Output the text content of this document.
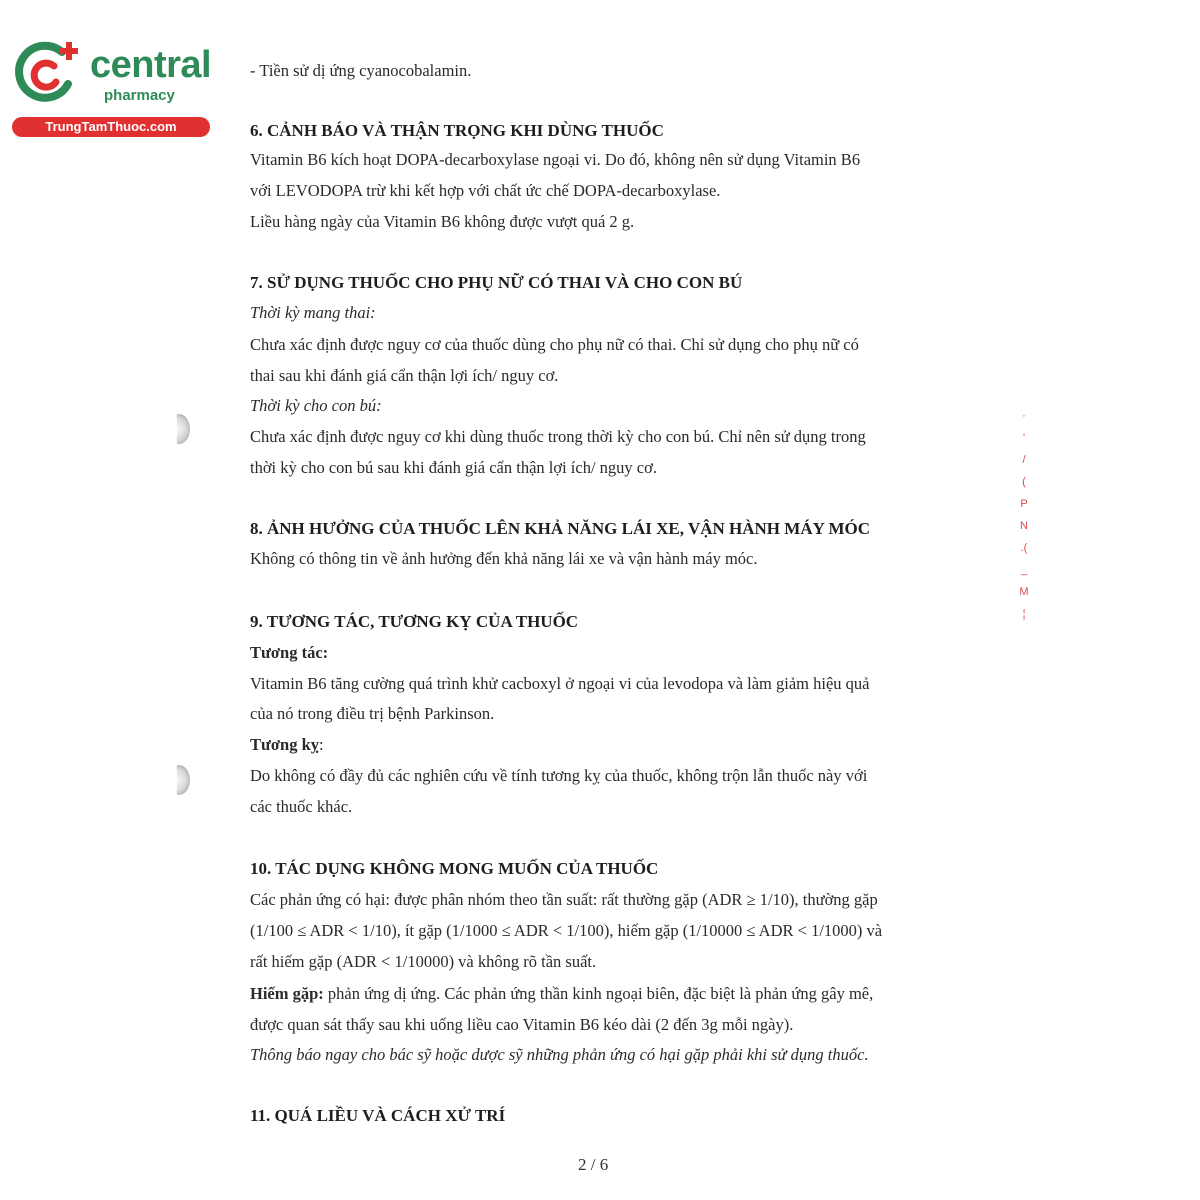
central
pharmacy
TrungTamThuoc.com
·
'
/
(
P
N
.(
_
M
¦
- Tiền sử dị ứng cyanocobalamin.
6. CẢNH BÁO VÀ THẬN TRỌNG KHI DÙNG THUỐC
Vitamin B6 kích hoạt DOPA-decarboxylase ngoại vi. Do đó, không nên sử dụng Vitamin B6
với LEVODOPA trừ khi kết hợp với chất ức chế DOPA-decarboxylase.
Liều hàng ngày của Vitamin B6 không được vượt quá 2 g.
7. SỬ DỤNG THUỐC CHO PHỤ NỮ CÓ THAI VÀ CHO CON BÚ
Thời kỳ mang thai:
Chưa xác định được nguy cơ của thuốc dùng cho phụ nữ có thai. Chỉ sử dụng cho phụ nữ có
thai sau khi đánh giá cẩn thận lợi ích/ nguy cơ.
Thời kỳ cho con bú:
Chưa xác định được nguy cơ khi dùng thuốc trong thời kỳ cho con bú. Chỉ nên sử dụng trong
thời kỳ cho con bú sau khi đánh giá cẩn thận lợi ích/ nguy cơ.
8. ẢNH HƯỞNG CỦA THUỐC LÊN KHẢ NĂNG LÁI XE, VẬN HÀNH MÁY MÓC
Không có thông tin về ảnh hưởng đến khả năng lái xe và vận hành máy móc.
9. TƯƠNG TÁC, TƯƠNG KỴ CỦA THUỐC
Tương tác:
Vitamin B6 tăng cường quá trình khử cacboxyl ở ngoại vi của levodopa và làm giảm hiệu quả
của nó trong điều trị bệnh Parkinson.
Tương kỵ:
Do không có đầy đủ các nghiên cứu về tính tương kỵ của thuốc, không trộn lẫn thuốc này với
các thuốc khác.
10. TÁC DỤNG KHÔNG MONG MUỐN CỦA THUỐC
Các phản ứng có hại: được phân nhóm theo tần suất: rất thường gặp (ADR ≥ 1/10), thường gặp
(1/100 ≤ ADR < 1/10), ít gặp (1/1000 ≤ ADR < 1/100), hiếm gặp (1/10000 ≤ ADR < 1/1000) và
rất hiếm gặp (ADR < 1/10000) và không rõ tần suất.
Hiếm gặp: phản ứng dị ứng. Các phản ứng thần kinh ngoại biên, đặc biệt là phản ứng gây mê,
được quan sát thấy sau khi uống liều cao Vitamin B6 kéo dài (2 đến 3g mỗi ngày).
Thông báo ngay cho bác sỹ hoặc dược sỹ những phản ứng có hại gặp phải khi sử dụng thuốc.
11. QUÁ LIỀU VÀ CÁCH XỬ TRÍ
2 / 6
